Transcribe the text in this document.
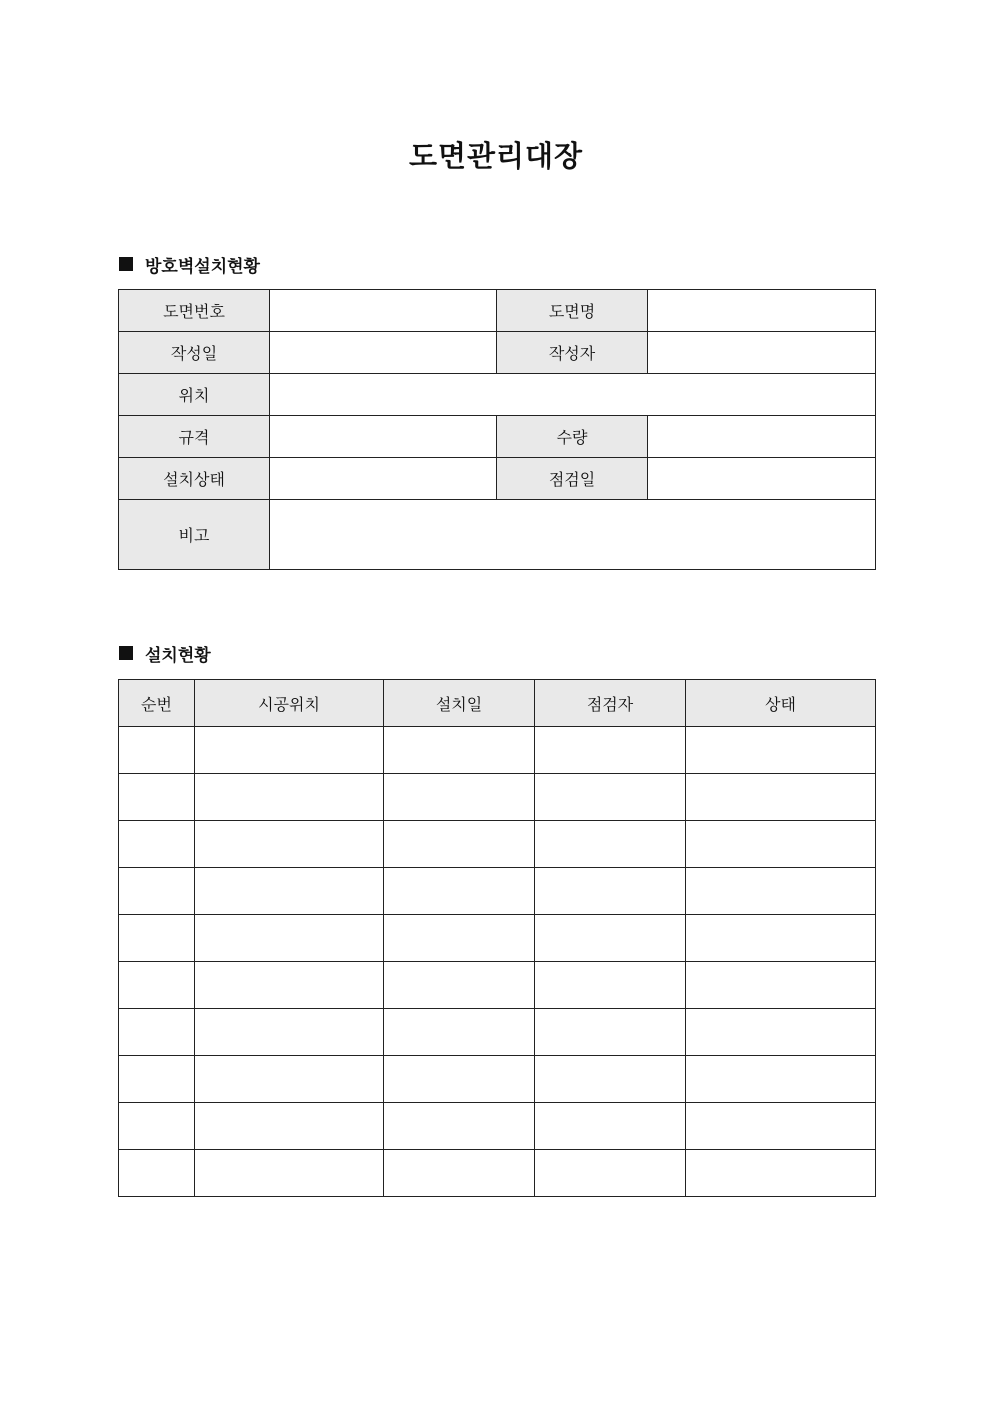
도면관리대장
방호벽설치현황
도면번호		도면명	
작성일		작성자	
위치			
규격		수량	
설치상태		점검일	
비고			
설치현황
순번	시공위치	설치일	점검자	상태
